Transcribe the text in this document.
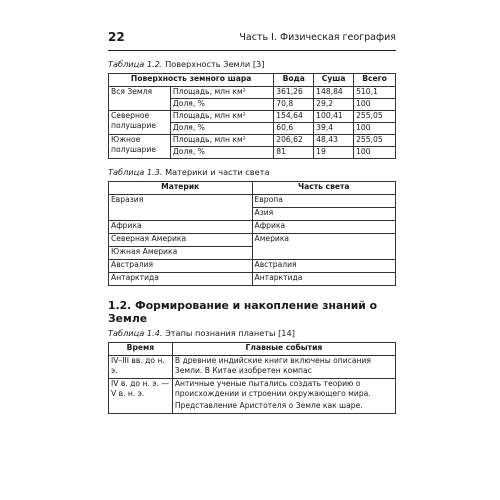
22	Часть I. Физическая география
Таблица 1.2. Поверхность Земли [3]
Поверхность земного шара		Вода	Суша	Всего
Вся Земля	Площадь, млн км²	361,26	148,84	510,1
	Доля, %	70,8	29,2	100
Северное полушарие	Площадь, млн км²	154,64	100,41	255,05
	Доля, %	60,6	39,4	100
Южное полушарие	Площадь, млн км²	206,62	48,43	255,05
	Доля, %	81	19	100
Таблица 1.3. Материки и части света
Материк	Часть света
Евразия	Европа
	Азия
Африка	Африка
Северная Америка	Америка
Южная Америка	
Австралия	Австралия
Антарктида	Антарктида
1.2. Формирование и накопление знаний о Земле
Таблица 1.4. Этапы познания планеты [14]
Время	Главные события
IV–III вв. до н. э.	В древние индийские книги включены описания Земли. В Китае изобретен компас

IV в. до н. э. — V в. н. э.	Античные ученые пытались создать теорию о происхождении и строении окружающего мира.

Представление Аристотеля о Земле как шаре.
